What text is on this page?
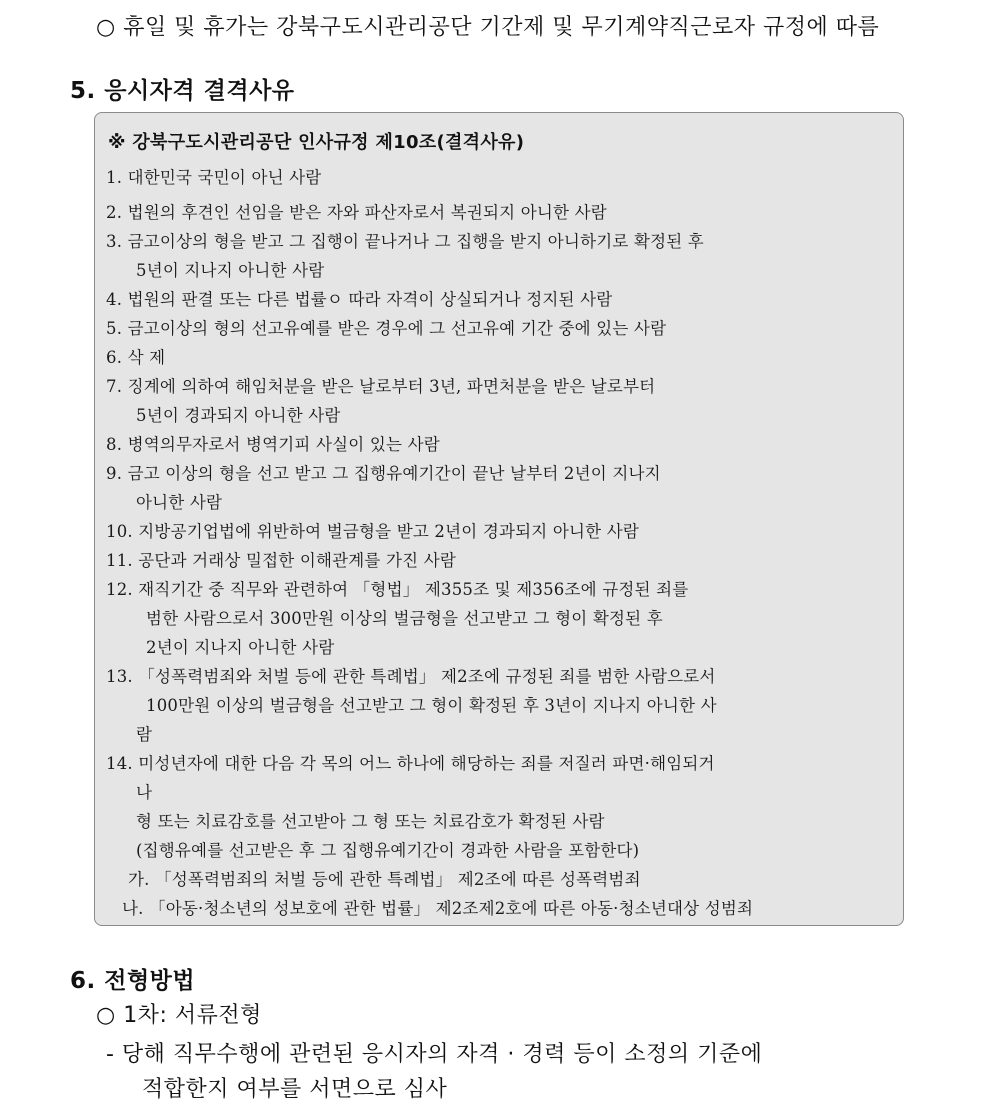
○ 휴일 및 휴가는 강북구도시관리공단 기간제 및 무기계약직근로자 규정에 따름
5. 응시자격 결격사유
※ 강북구도시관리공단 인사규정 제10조(결격사유)
1. 대한민국 국민이 아닌 사람
2. 법원의 후견인 선임을 받은 자와 파산자로서 복권되지 아니한 사람
3. 금고이상의 형을 받고 그 집행이 끝나거나 그 집행을 받지 아니하기로 확정된 후
5년이 지나지 아니한 사람
4. 법원의 판결 또는 다른 법률ㅇ 따라 자격이 상실되거나 정지된 사람
5. 금고이상의 형의 선고유예를 받은 경우에 그 선고유예 기간 중에 있는 사람
6. 삭 제
7. 징계에 의하여 해임처분을 받은 날로부터 3년, 파면처분을 받은 날로부터
5년이 경과되지 아니한 사람
8. 병역의무자로서 병역기피 사실이 있는 사람
9. 금고 이상의 형을 선고 받고 그 집행유예기간이 끝난 날부터 2년이 지나지
아니한 사람
10. 지방공기업법에 위반하여 벌금형을 받고 2년이 경과되지 아니한 사람
11. 공단과 거래상 밀접한 이해관계를 가진 사람
12. 재직기간 중 직무와 관련하여 「형법」 제355조 및 제356조에 규정된 죄를
범한 사람으로서 300만원 이상의 벌금형을 선고받고 그 형이 확정된 후
2년이 지나지 아니한 사람
13. 「성폭력범죄와 처벌 등에 관한 특례법」 제2조에 규정된 죄를 범한 사람으로서
100만원 이상의 벌금형을 선고받고 그 형이 확정된 후 3년이 지나지 아니한 사
람
14. 미성년자에 대한 다음 각 목의 어느 하나에 해당하는 죄를 저질러 파면·해임되거
나
형 또는 치료감호를 선고받아 그 형 또는 치료감호가 확정된 사람
(집행유예를 선고받은 후 그 집행유예기간이 경과한 사람을 포함한다)
가. 「성폭력범죄의 처벌 등에 관한 특례법」 제2조에 따른 성폭력범죄
나. 「아동·청소년의 성보호에 관한 법률」 제2조제2호에 따른 아동·청소년대상 성범죄
6. 전형방법
○ 1차: 서류전형
- 당해 직무수행에 관련된 응시자의 자격 · 경력 등이 소정의 기준에
적합한지 여부를 서면으로 심사
